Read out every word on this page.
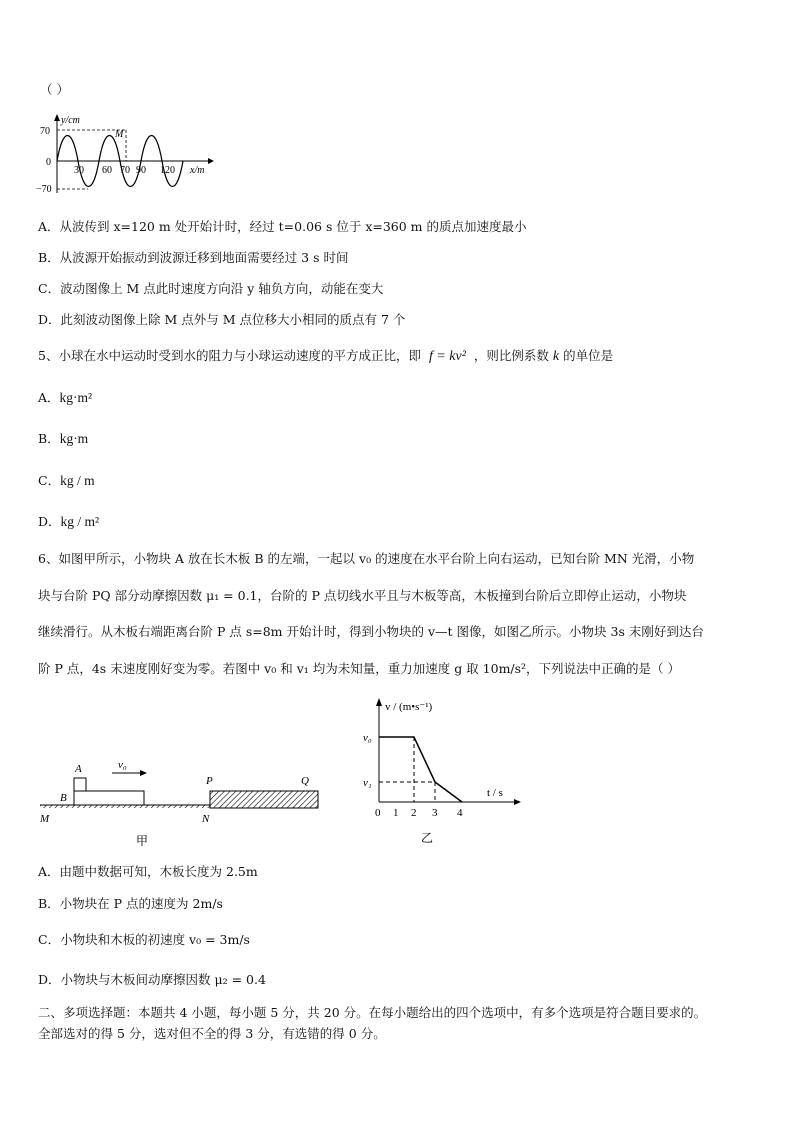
（ ）
y/cm
M
70
0
−70
30 60 70 90 120 x/m
A．从波传到 x=120 m 处开始计时，经过 t=0.06 s 位于 x=360 m 的质点加速度最小
B．从波源开始振动到波源迁移到地面需要经过 3 s 时间
C．波动图像上 M 点此时速度方向沿 y 轴负方向，动能在变大
D．此刻波动图像上除 M 点外与 M 点位移大小相同的质点有 7 个
5、小球在水中运动时受到水的阻力与小球运动速度的平方成正比，即 f = kv² ，则比例系数 k 的单位是
A．kg·m²
B．kg·m
C．kg / m
D．kg / m²
6、如图甲所示，小物块 A 放在长木板 B 的左端，一起以 v₀ 的速度在水平台阶上向右运动，已知台阶 MN 光滑，小物
块与台阶 PQ 部分动摩擦因数 μ₁ = 0.1，台阶的 P 点切线水平且与木板等高，木板撞到台阶后立即停止运动，小物块
继续滑行。从木板右端距离台阶 P 点 s=8m 开始计时，得到小物块的 v—t 图像，如图乙所示。小物块 3s 末刚好到达台
阶 P 点，4s 末速度刚好变为零。若图中 v₀ 和 v₁ 均为未知量，重力加速度 g 取 10m/s²，下列说法中正确的是（ ）
A
B
v₀
P	Q
M	N
甲
v / (m•s⁻¹)
v₀
v₁
t / s
0 1 2 3 4
乙
A．由题中数据可知，木板长度为 2.5m
B．小物块在 P 点的速度为 2m/s
C．小物块和木板的初速度 v₀ = 3m/s
D．小物块与木板间动摩擦因数 μ₂ = 0.4
二、多项选择题：本题共 4 小题，每小题 5 分，共 20 分。在每小题给出的四个选项中，有多个选项是符合题目要求的。
全部选对的得 5 分，选对但不全的得 3 分，有选错的得 0 分。
